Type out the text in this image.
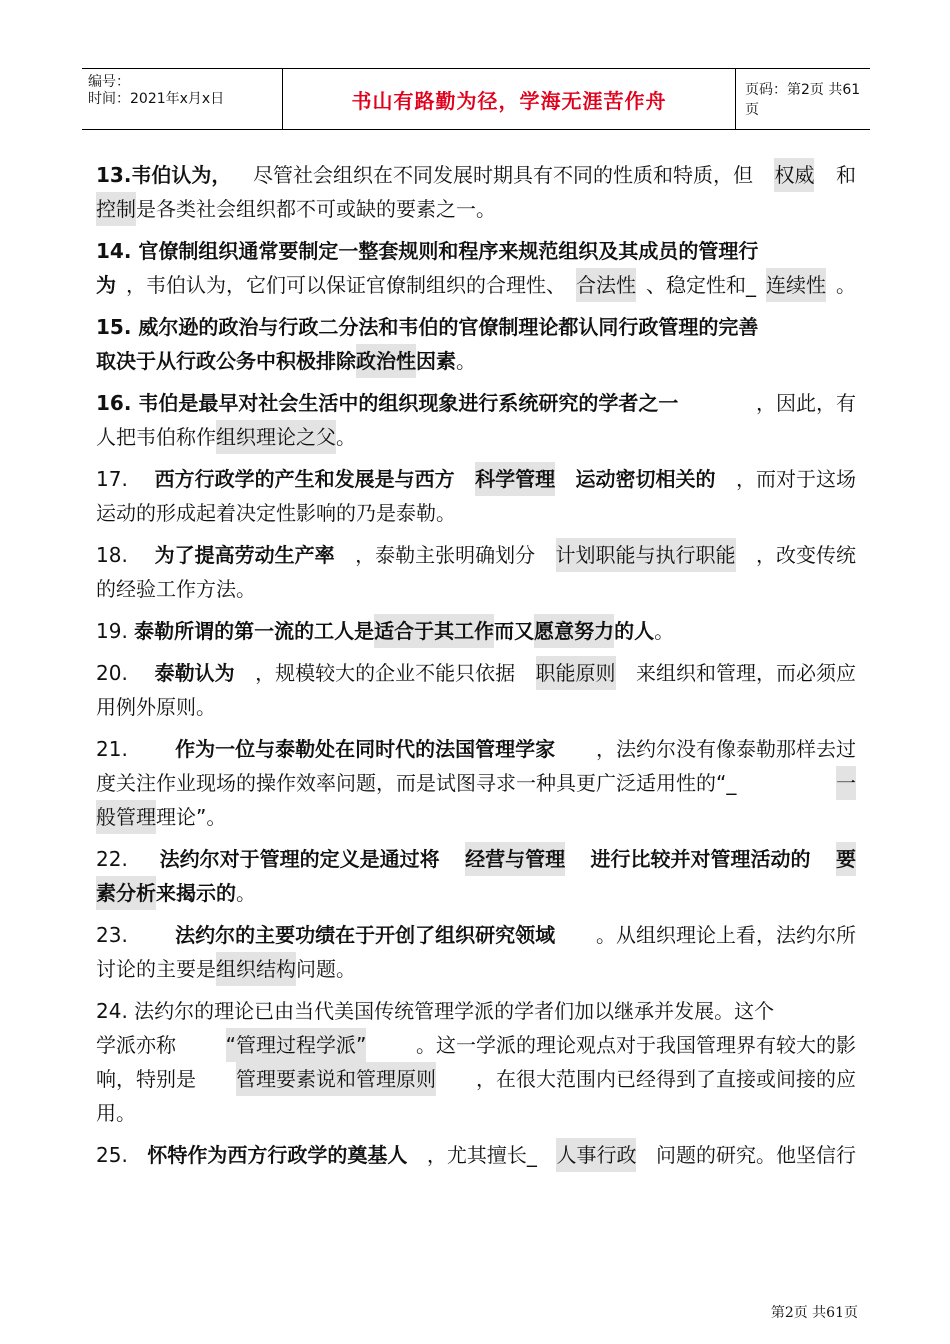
编号：
时间：2021年x月x日	书山有路勤为径，学海无涯苦作舟	页码：第2页 共61页
13.韦伯认为， 尽管社会组织在不同发展时期具有不同的性质和特质，但 权威 和
控制 是各类社会组织都不可或缺的要素之一。
14. 官僚制组织通常要制定一整套规则和程序来规范组织及其成员的管理行
为 ，韦伯认为，它们可以保证官僚制组织的合理性、 合法性 、稳定性和_ 连续性 。
15. 威尔逊的政治与行政二分法和韦伯的官僚制理论都认同行政管理的完善
取决于从行政公务中积极排除 政治性 因素 。
16. 韦伯是最早对社会生活中的组织现象进行系统研究的学者之一	，因此，有
人把韦伯称作 组织理论之父 。
17. 西方行政学的产生和发展是与西方 科学管理 运动密切相关的 ，而对于这场
运动的形成起着决定性影响的乃是泰勒。
18. 为了提高劳动生产率 ，泰勒主张明确划分 计划职能与执行职能 ，改变传统
的经验工作方法。
19. 泰勒所谓的第一流的工人是 适合于其工作 而又 愿意努力 的人 。
20. 泰勒认为 ，规模较大的企业不能只依据 职能原则 来组织和管理，而必须应
用例外原则。
21. 作为一位与泰勒处在同时代的法国管理学家 ，法约尔没有像泰勒那样去过
度关注作业现场的操作效率问题，而是试图寻求一种具更广泛适用性的“_	一
般管理 理论”。
22. 法约尔对于管理的定义是通过将 经营与管理 进行比较并对管理活动的 要
素分析 来揭示的 。
23. 法约尔的主要功绩在于开创了组织研究领域 。从组织理论上看，法约尔所
讨论的主要是 组织结构 问题。
24. 法约尔的理论已由当代美国传统管理学派的学者们加以继承并发展。这个
学派亦称 “管理过程学派” 。这一学派的理论观点对于我国管理界有较大的影
响，特别是 管理要素说和管理原则 ，在很大范围内已经得到了直接或间接的应
用。
25. 怀特作为西方行政学的奠基人 ，尤其擅长_ 人事行政 问题的研究。他坚信行
第2页 共61页
